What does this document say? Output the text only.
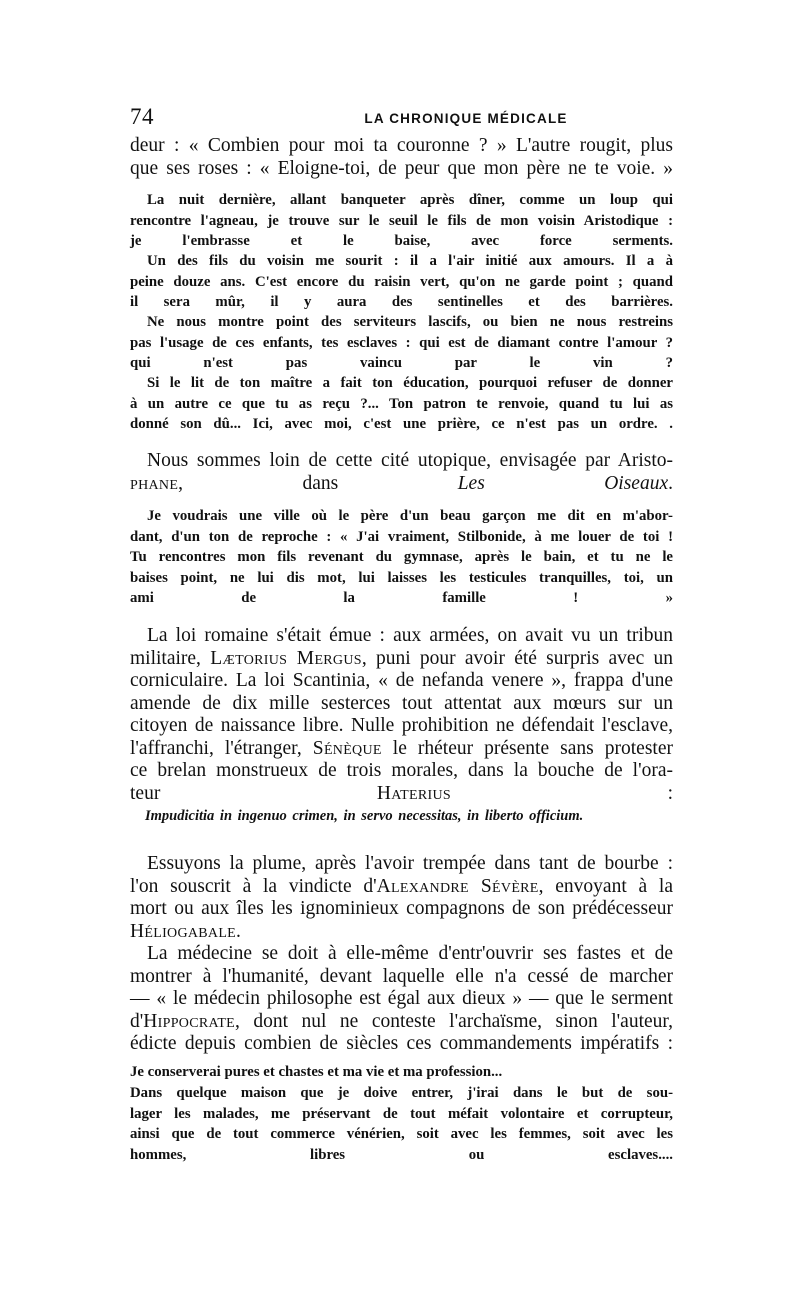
74	LA CHRONIQUE MÉDICALE

deur : « Combien pour moi ta couronne ? » L'autre rougit, plus
que ses roses : « Eloigne-toi, de peur que mon père ne te voie. »

La nuit dernière, allant banqueter après dîner, comme un loup qui
rencontre l'agneau, je trouve sur le seuil le fils de mon voisin Aristodique :
je l'embrasse et le baise, avec force serments.

Un des fils du voisin me sourit : il a l'air initié aux amours. Il a à
peine douze ans. C'est encore du raisin vert, qu'on ne garde point ; quand
il sera mûr, il y aura des sentinelles et des barrières.

Ne nous montre point des serviteurs lascifs, ou bien ne nous restreins
pas l'usage de ces enfants, tes esclaves : qui est de diamant contre l'amour ?
qui n'est pas vaincu par le vin ?

Si le lit de ton maître a fait ton éducation, pourquoi refuser de donner
à un autre ce que tu as reçu ?... Ton patron te renvoie, quand tu lui as
donné son dû... Ici, avec moi, c'est une prière, ce n'est pas un ordre. .

Nous sommes loin de cette cité utopique, envisagée par Aristo-
phane, dans Les Oiseaux.

Je voudrais une ville où le père d'un beau garçon me dit en m'abor-
dant, d'un ton de reproche : « J'ai vraiment, Stilbonide, à me louer de toi !
Tu rencontres mon fils revenant du gymnase, après le bain, et tu ne le
baises point, ne lui dis mot, lui laisses les testicules tranquilles, toi, un
ami de la famille ! »

La loi romaine s'était émue : aux armées, on avait vu un tribun
militaire, Lætorius Mergus, puni pour avoir été surpris avec un
corniculaire. La loi Scantinia, « de nefanda venere », frappa d'une
amende de dix mille sesterces tout attentat aux mœurs sur un
citoyen de naissance libre. Nulle prohibition ne défendait l'esclave,
l'affranchi, l'étranger, Sénèque le rhéteur présente sans protester
ce brelan monstrueux de trois morales, dans la bouche de l'ora-
teur Haterius :

Impudicitia in ingenuo crimen, in servo necessitas, in liberto officium.

Essuyons la plume, après l'avoir trempée dans tant de bourbe :
l'on souscrit à la vindicte d'Alexandre Sévère, envoyant à la
mort ou aux îles les ignominieux compagnons de son prédécesseur
Héliogabale.

La médecine se doit à elle-même d'entr'ouvrir ses fastes et de
montrer à l'humanité, devant laquelle elle n'a cessé de marcher
— « le médecin philosophe est égal aux dieux » — que le serment
d'Hippocrate, dont nul ne conteste l'archaïsme, sinon l'auteur,
édicte depuis combien de siècles ces commandements impératifs :

Je conserverai pures et chastes et ma vie et ma profession...

Dans quelque maison que je doive entrer, j'irai dans le but de sou-
lager les malades, me préservant de tout méfait volontaire et corrupteur,
ainsi que de tout commerce vénérien, soit avec les femmes, soit avec les
hommes, libres ou esclaves....
